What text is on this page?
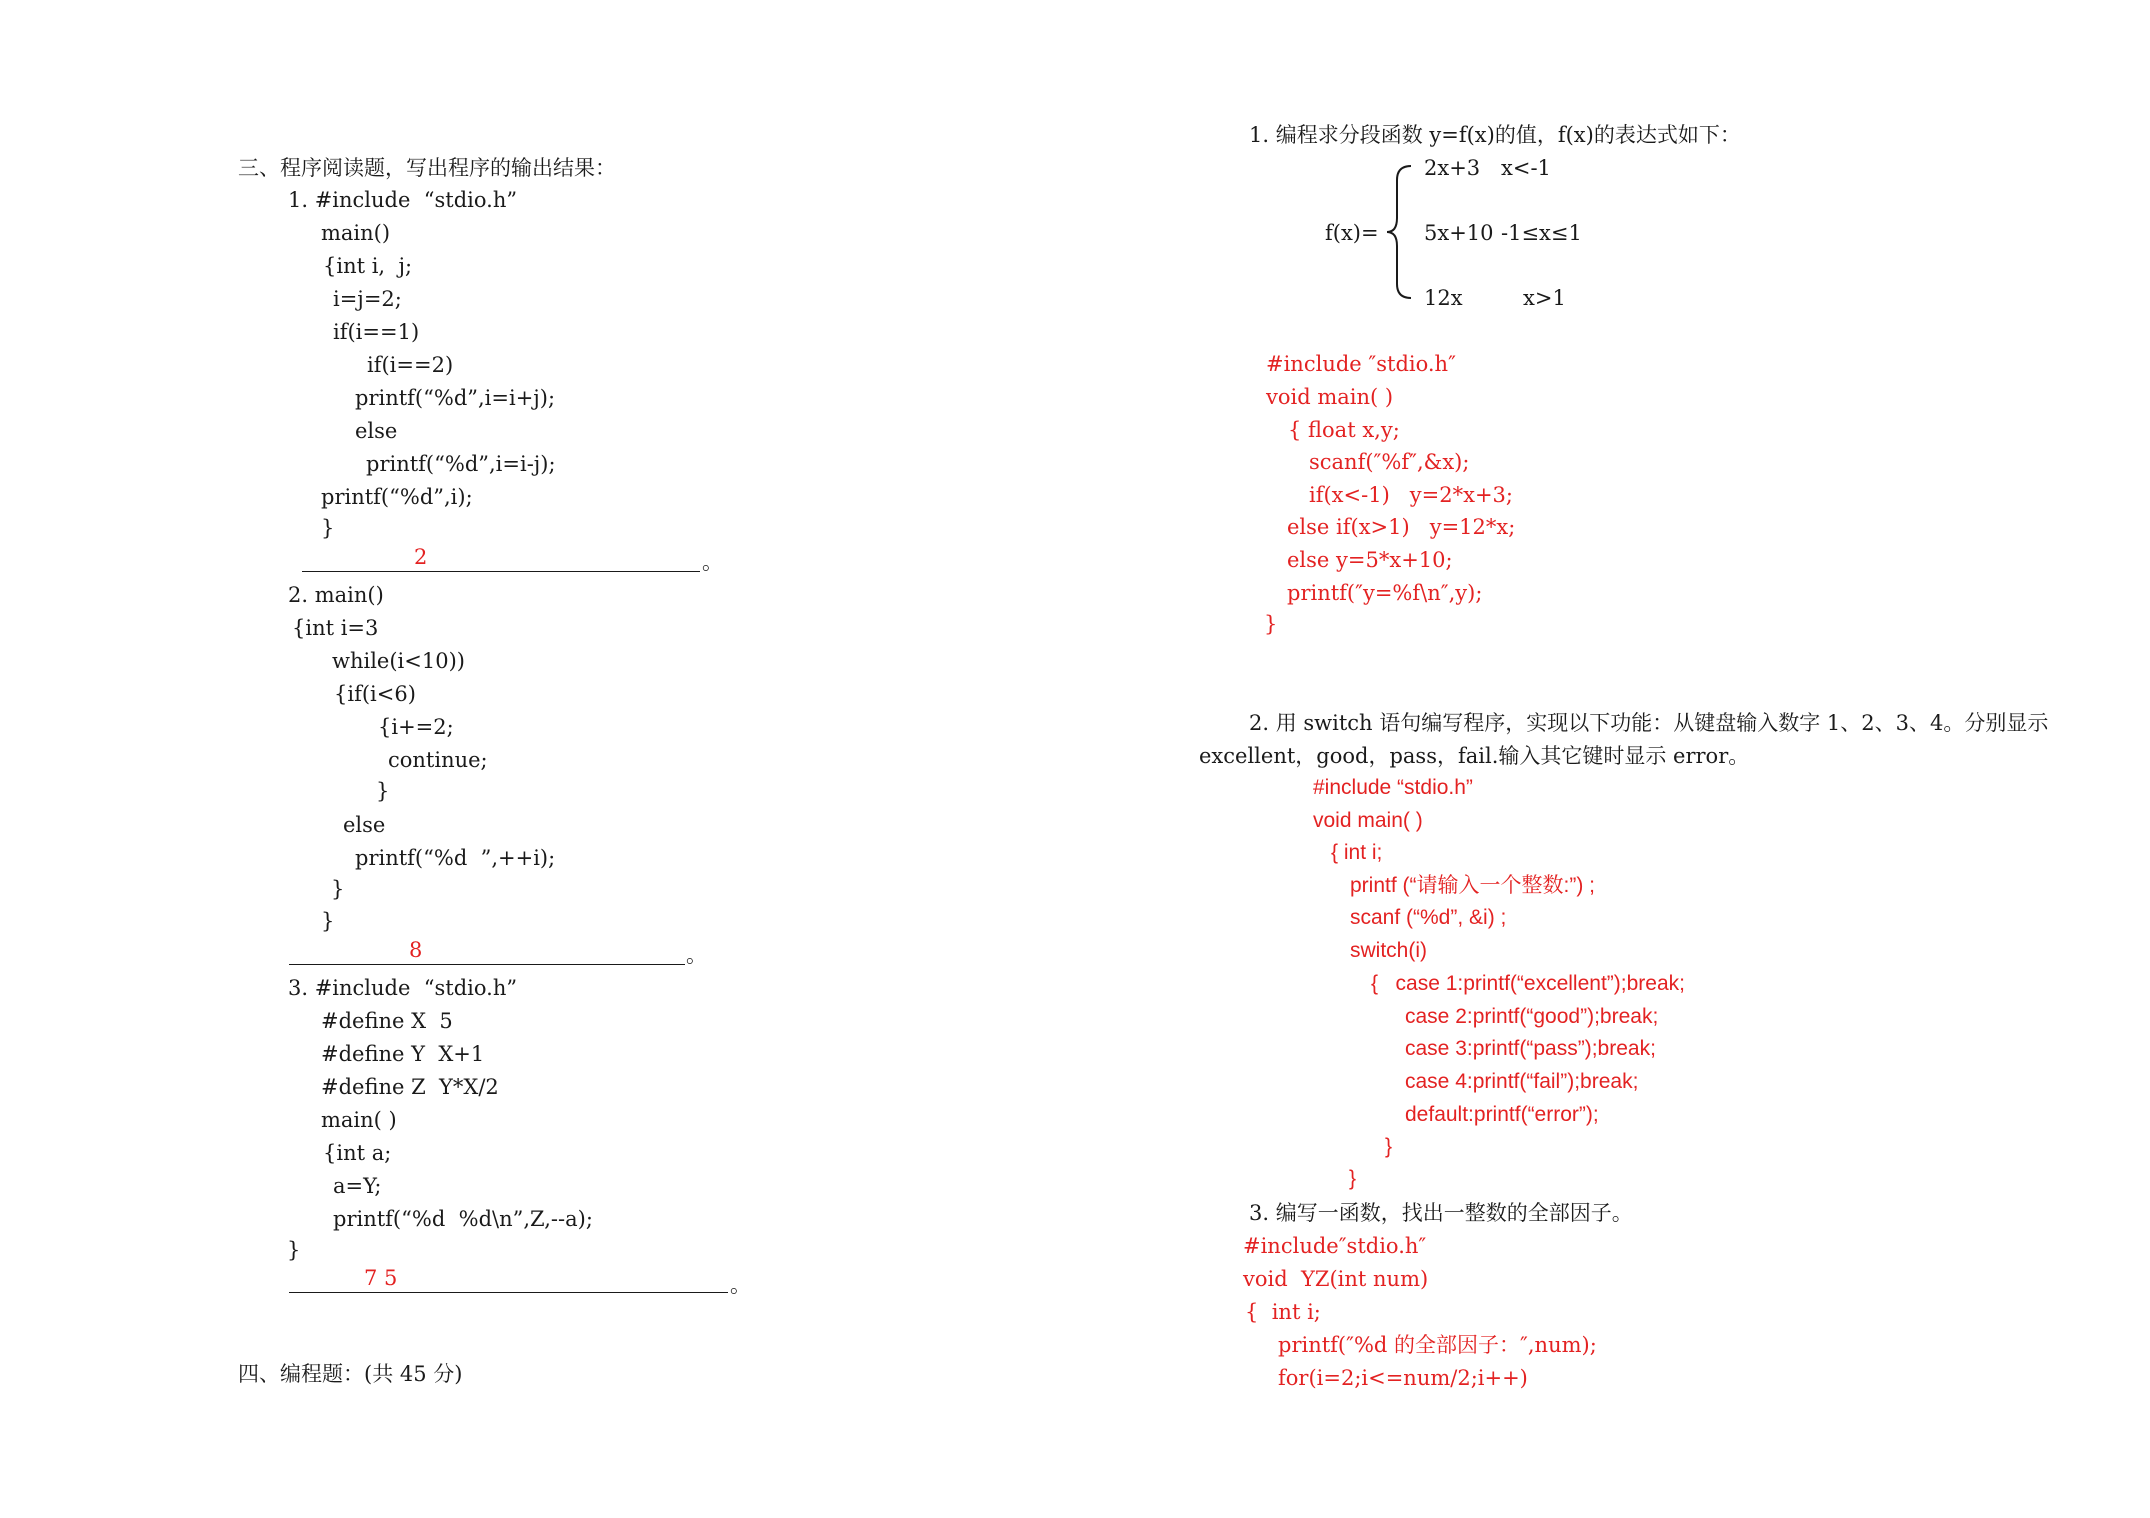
三、程序阅读题，写出程序的输出结果：
1. #include  “stdio.h”
main()
{int i,  j;
i=j=2;
if(i==1)
if(i==2)
printf(“%d”,i=i+j);
else
printf(“%d”,i=i-j);
printf(“%d”,i);
}
2	。
2. main()
{int i=3
while(i<10))
{if(i<6)
{i+=2;
continue;
}
else
printf(“%d  ”,++i);
}
}
8	。
3. #include  “stdio.h”
#define X  5
#define Y  X+1
#define Z  Y*X/2
main( )
{int a;
a=Y;
printf(“%d  %d\n”,Z,--a);
}
7 5	。
四、编程题：(共 45 分)
1. 编程求分段函数 y=f(x)的值，f(x)的表达式如下：
f(x)=
2x+3 x<-1
5x+10 -1≤x≤1
12x	x>1
#include ″stdio.h″
void main( )
{ float x,y;
scanf(″%f″,&x);
if(x<-1)   y=2*x+3;
else if(x>1)   y=12*x;
else y=5*x+10;
printf(″y=%f\n″,y);
}
2. 用 switch 语句编写程序，实现以下功能：从键盘输入数字 1、2、3、4。分别显示
excellent，good，pass，fail.输入其它键时显示 error。
#include “stdio.h”
void main( )
{ int i;
printf (“请输入一个整数:”) ;
scanf (“%d”, &i) ;
switch(i)
{   case 1:printf(“excellent”);break;
case 2:printf(“good”);break;
case 3:printf(“pass”);break;
case 4:printf(“fail”);break;
default:printf(“error”);
}
}
3. 编写一函数，找出一整数的全部因子。
#include″stdio.h″
void  YZ(int num)
{  int i;
printf(″%d 的全部因子：″,num);
for(i=2;i<=num/2;i++)
